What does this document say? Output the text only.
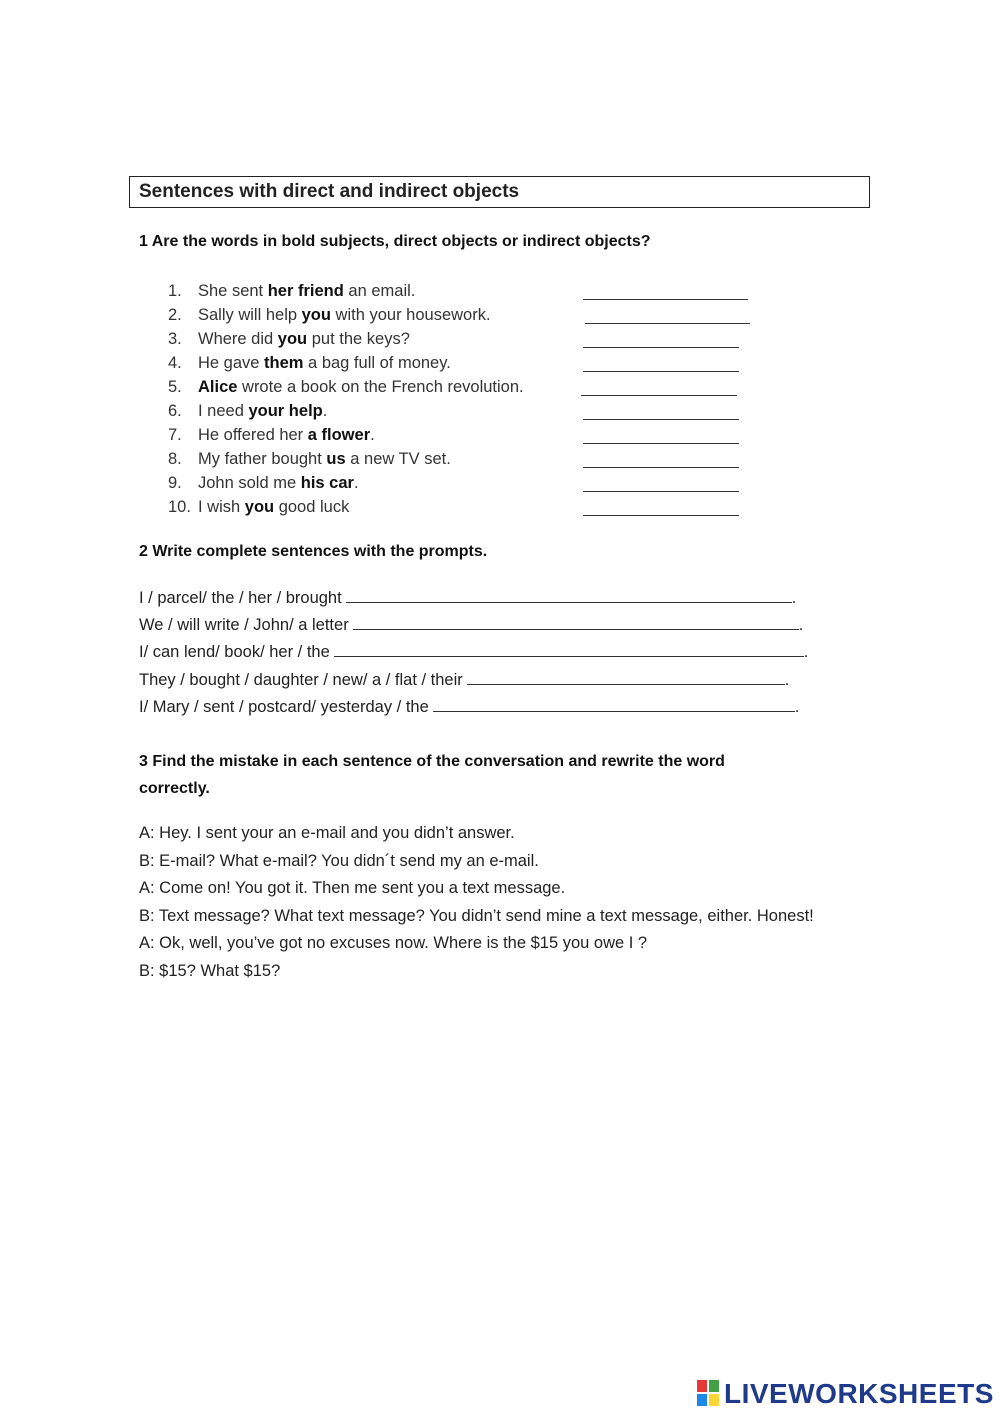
Sentences with direct and indirect objects
1 Are the words in bold subjects, direct objects or indirect objects?
1. She sent her friend an email.
2. Sally will help you with your housework.
3. Where did you put the keys?
4. He gave them a bag full of money.
5. Alice wrote a book on the French revolution.
6. I need your help.
7. He offered her a flower.
8. My father bought us a new TV set.
9. John sold me his car.
10. I wish you good luck
2 Write complete sentences with the prompts.
I / parcel/ the / her / brought	.
We / will write / John/ a letter	.
I/ can lend/ book/ her / the	.
They / bought / daughter / new/ a / flat / their	.
I/ Mary / sent / postcard/ yesterday / the	.
3 Find the mistake in each sentence of the conversation and rewrite the word
correctly.
A: Hey. I sent your an e-mail and you didn’t answer.
B: E-mail? What e-mail? You didn´t send my an e-mail.
A: Come on! You got it. Then me sent you a text message.
B: Text message? What text message? You didn’t send mine a text message, either. Honest!
A: Ok, well, you’ve got no excuses now. Where is the $15 you owe I ?
B: $15? What $15?
LIVEWORKSHEETS
